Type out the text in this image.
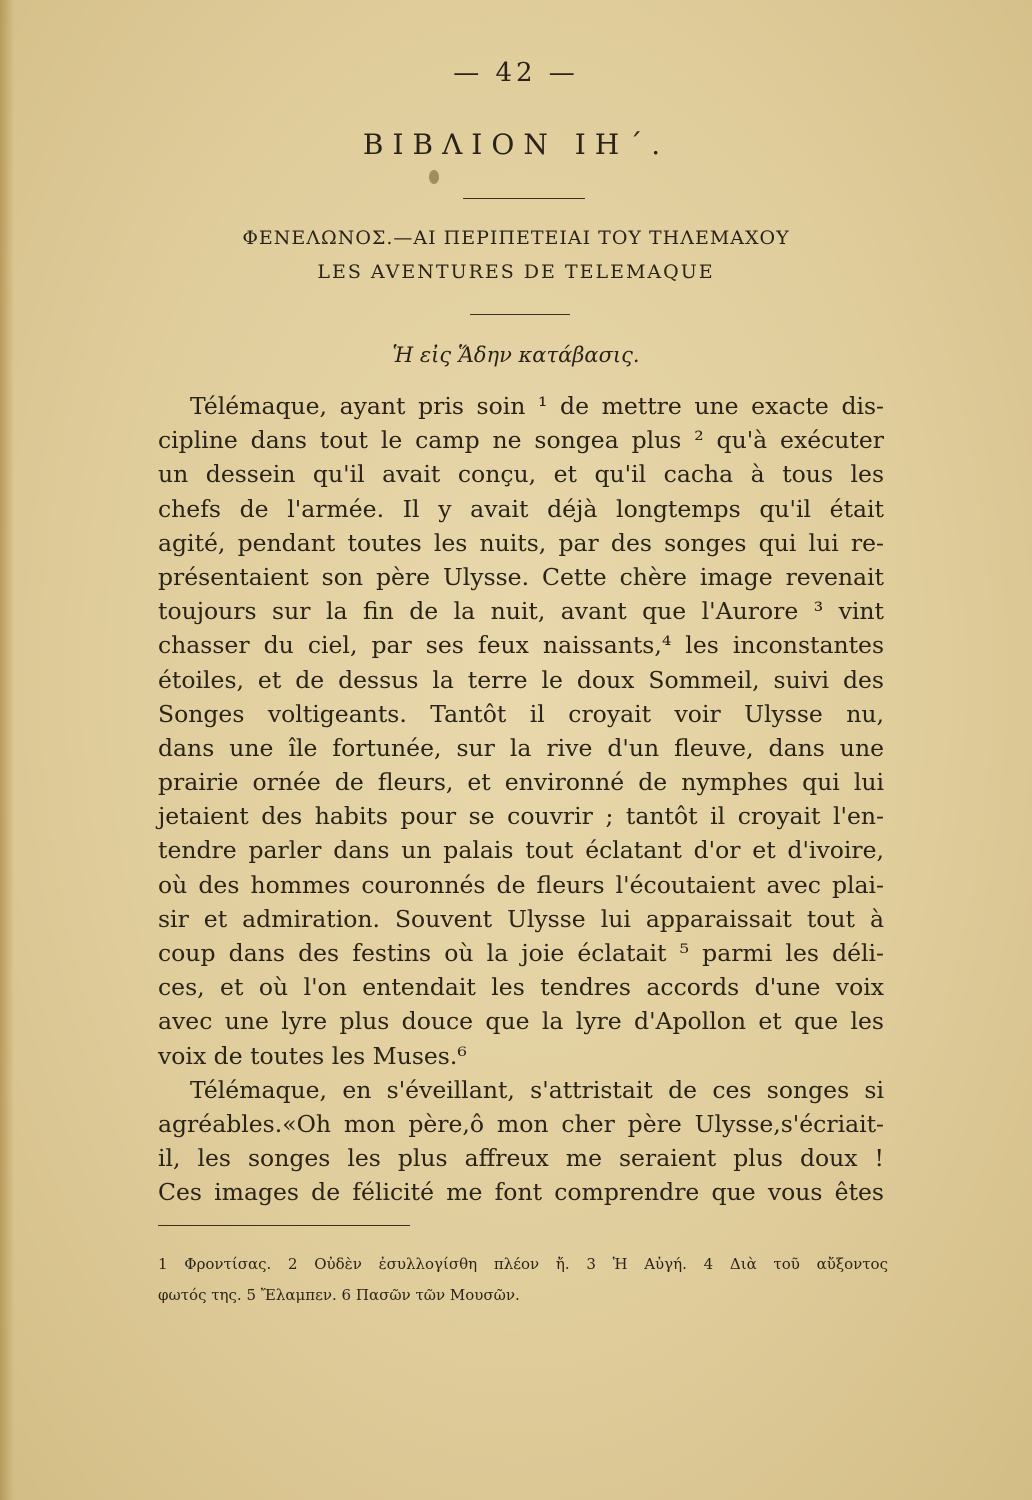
— 42 —
ΒΙΒΛΙΟΝ ΙΗ΄.
ΦΕΝΕΛΩΝΟΣ.—ΑΙ ΠΕΡΙΠΕΤΕΙΑΙ ΤΟΥ ΤΗΛΕΜΑΧΟΥ
LES AVENTURES DE TELEMAQUE
Ἡ εἰς Ἅδην κατάβασις.
Télémaque, ayant pris soin ¹ de mettre une exacte dis-
cipline dans tout le camp ne songea plus ² qu'à exécuter
un dessein qu'il avait conçu, et qu'il cacha à tous les
chefs de l'armée. Il y avait déjà longtemps qu'il était
agité, pendant toutes les nuits, par des songes qui lui re-
présentaient son père Ulysse. Cette chère image revenait
toujours sur la fin de la nuit, avant que l'Aurore ³ vint
chasser du ciel, par ses feux naissants,⁴ les inconstantes
étoiles, et de dessus la terre le doux Sommeil, suivi des
Songes voltigeants. Tantôt il croyait voir Ulysse nu,
dans une île fortunée, sur la rive d'un fleuve, dans une
prairie ornée de fleurs, et environné de nymphes qui lui
jetaient des habits pour se couvrir ; tantôt il croyait l'en-
tendre parler dans un palais tout éclatant d'or et d'ivoire,
où des hommes couronnés de fleurs l'écoutaient avec plai-
sir et admiration. Souvent Ulysse lui apparaissait tout à
coup dans des festins où la joie éclatait ⁵ parmi les déli-
ces, et où l'on entendait les tendres accords d'une voix
avec une lyre plus douce que la lyre d'Apollon et que les
voix de toutes les Muses.⁶
Télémaque, en s'éveillant, s'attristait de ces songes si
agréables.«Oh mon père,ô mon cher père Ulysse,s'écriait-
il, les songes les plus affreux me seraient plus doux !
Ces images de félicité me font comprendre que vous êtes
1 Φροντίσας. 2 Οὐδὲν ἐσυλλογίσθη πλέον ἤ. 3 Ἡ Αὐγή. 4 Διὰ τοῦ αὔξοντος
φωτός της. 5 Ἔλαμπεν. 6 Πασῶν τῶν Μουσῶν.
